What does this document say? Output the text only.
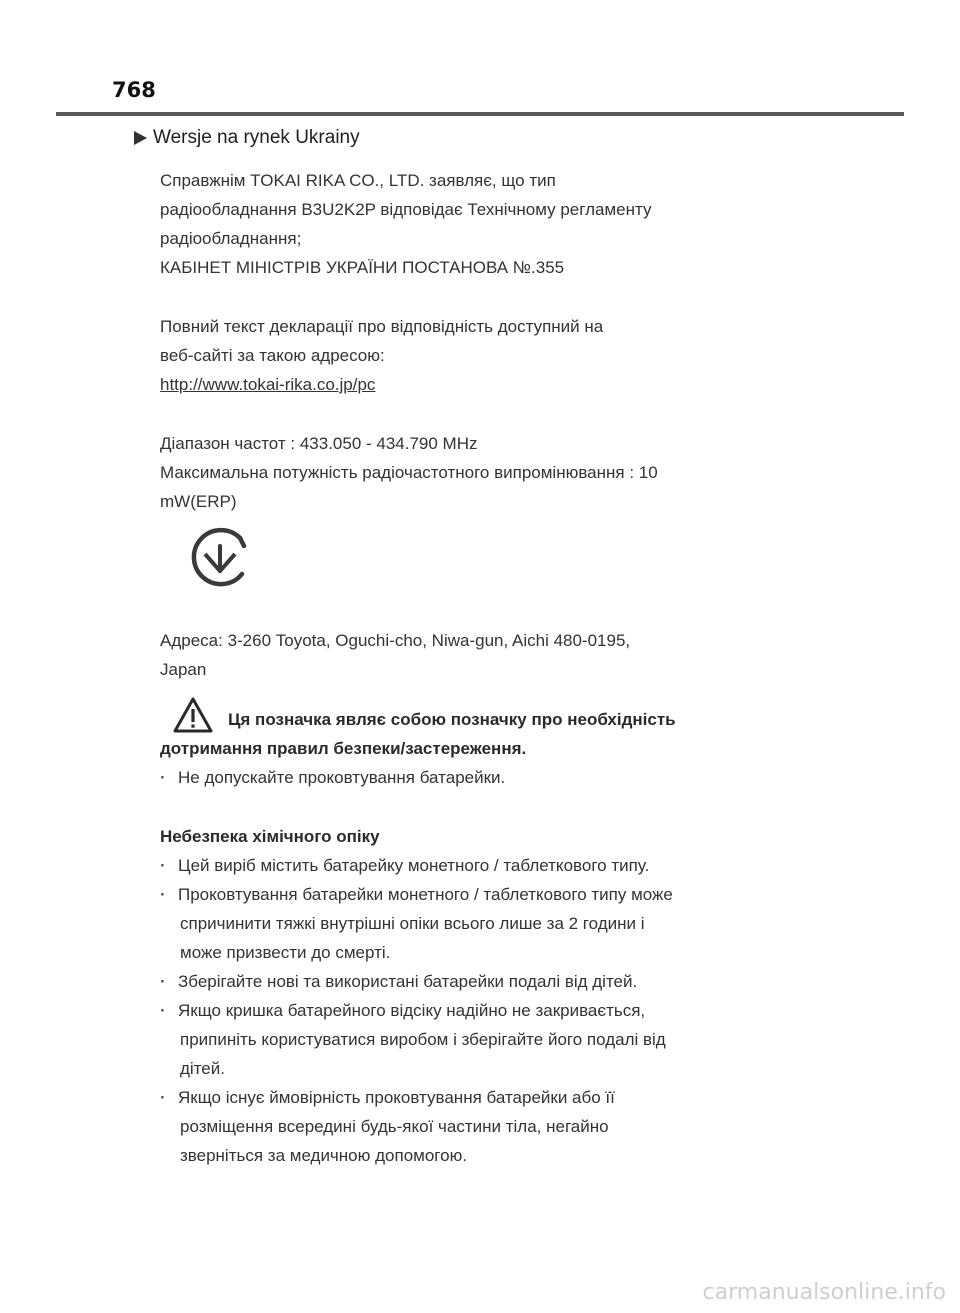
768
Wersje na rynek Ukrainy

Справжнім TOKAI RIKA CO., LTD. заявляє, що тип

радіообладнання B3U2K2P відповідає Технічному регламенту

радіообладнання;

КАБІНЕТ МІНІСТРІВ УКРАЇНИ ПОСТАНОВА №.355

Повний текст декларації про відповідність доступний на

веб-сайті за такою адресою:

http://www.tokai-rika.co.jp/pc

Діапазон частот : 433.050 - 434.790 MHz

Максимальна потужність радіочастотного випромінювання : 10

mW(ERP)

Адреса: 3-260 Toyota, Oguchi-cho, Niwa-gun, Aichi 480-0195,

Japan

Ця позначка являє собою позначку про необхідність

дотримання правил безпеки/застереження.

· Не допускайте проковтування батарейки.

Небезпека хімічного опіку

· Цей виріб містить батарейку монетного / таблеткового типу.
· Проковтування батарейки монетного / таблеткового типу може
спричинити тяжкі внутрішні опіки всього лише за 2 години і
може призвести до смерті.
· Зберігайте нові та використані батарейки подалі від дітей.
· Якщо кришка батарейного відсіку надійно не закривається,
припиніть користуватися виробом і зберігайте його подалі від
дітей.
· Якщо існує ймовірність проковтування батарейки або її
розміщення всередині будь-якої частини тіла, негайно
зверніться за медичною допомогою.
carmanualsonline.info
